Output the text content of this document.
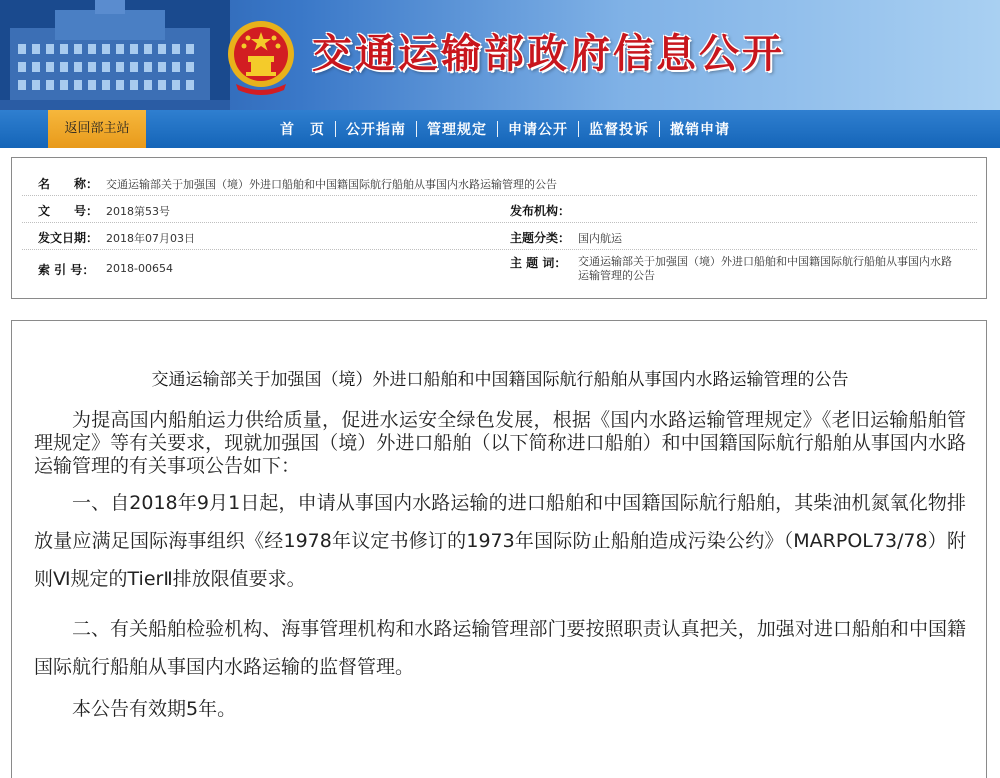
交通运输部政府信息公开
返回部主站	首　页	公开指南	管理规定	申请公开	监督投诉	撤销申请
名　　称： 交通运输部关于加强国（境）外进口船舶和中国籍国际航行船舶从事国内水路运输管理的公告
文　　号： 2018第53号	发布机构：
发文日期： 2018年07月03日	主题分类： 国内航运
索 引 号： 2018-00654	主 题 词： 交通运输部关于加强国（境）外进口船舶和中国籍国际航行船舶从事国内水路运输管理的公告
交通运输部关于加强国（境）外进口船舶和中国籍国际航行船舶从事国内水路运输管理的公告

为提高国内船舶运力供给质量，促进水运安全绿色发展，根据《国内水路运输管理规定》《老旧运输船舶管理规定》等有关要求，现就加强国（境）外进口船舶（以下简称进口船舶）和中国籍国际航行船舶从事国内水路运输管理的有关事项公告如下：

一、自2018年9月1日起，申请从事国内水路运输的进口船舶和中国籍国际航行船舶，其柴油机氮氧化物排放量应满足国际海事组织《经1978年议定书修订的1973年国际防止船舶造成污染公约》（MARPOL73/78）附则Ⅵ规定的TierⅡ排放限值要求。

二、有关船舶检验机构、海事管理机构和水路运输管理部门要按照职责认真把关，加强对进口船舶和中国籍国际航行船舶从事国内水路运输的监督管理。

本公告有效期5年。
